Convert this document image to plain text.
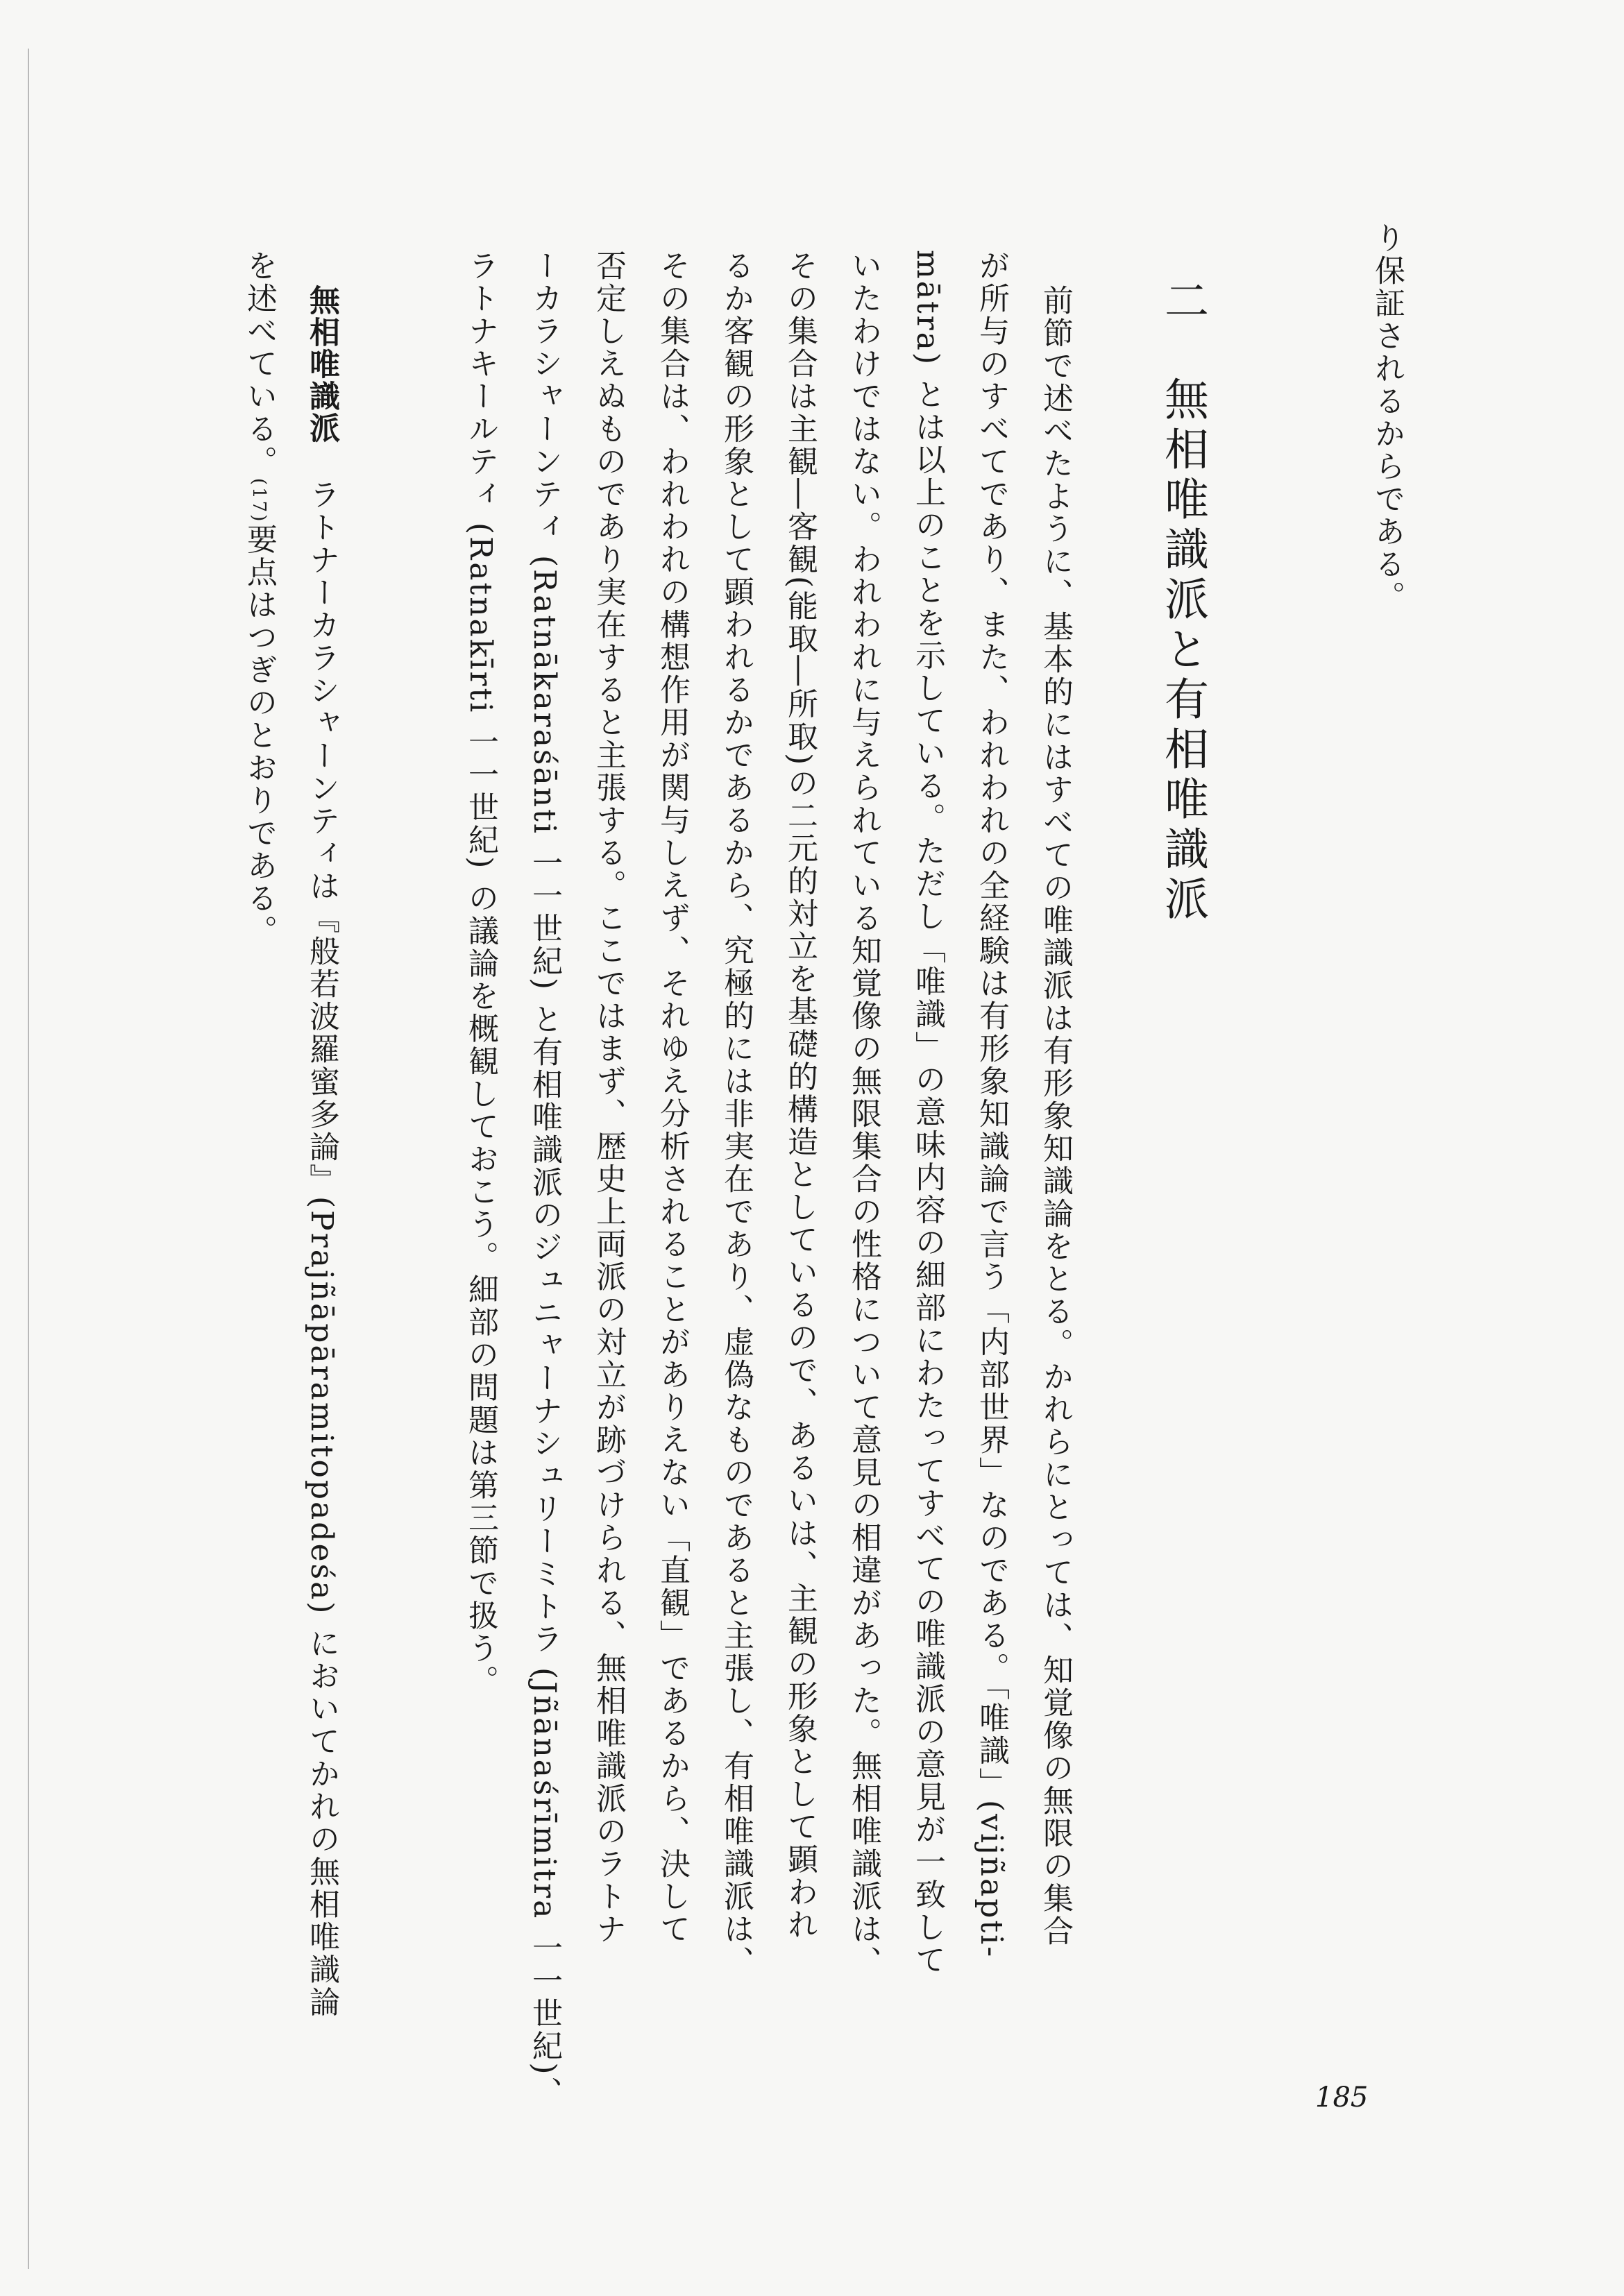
り保証されるからである。
二無相唯識派と有相唯識派
前節で述べたように、基本的にはすべての唯識派は有形象知識論をとる。かれらにとっては、知覚像の無限の集合
が所与のすべてであり、また、われわれの全経験は有形象知識論で言う「内部世界」なのである。「唯識」(vijñapti-
mātra) とは以上のことを示している。ただし「唯識」の意味内容の細部にわたってすべての唯識派の意見が一致して
いたわけではない。われわれに与えられている知覚像の無限集合の性格について意見の相違があった。無相唯識派は、
その集合は主観―客観(能取―所取)の二元的対立を基礎的構造としているので、あるいは、主観の形象として顕われ
るか客観の形象として顕われるかであるから、究極的には非実在であり、虚偽なものであると主張し、有相唯識派は、
その集合は、われわれの構想作用が関与しえず、それゆえ分析されることがありえない「直観」であるから、決して
否定しえぬものであり実在すると主張する。ここではまず、歴史上両派の対立が跡づけられる、無相唯識派のラトナ
ーカラシャーンティ (Ratnākaraśānti 一一世紀) と有相唯識派のジュニャーナシュリーミトラ (Jñānaśrīmitra 一一世紀)、
ラトナキールティ (Ratnakīrti 一一世紀) の議論を概観しておこう。細部の問題は第三節で扱う。
無相唯識派ラトナーカラシャーンティは『般若波羅蜜多論』(Prajñāpāramitopadeśa) においてかれの無相唯識論
を述べている。(17)要点はつぎのとおりである。
185
